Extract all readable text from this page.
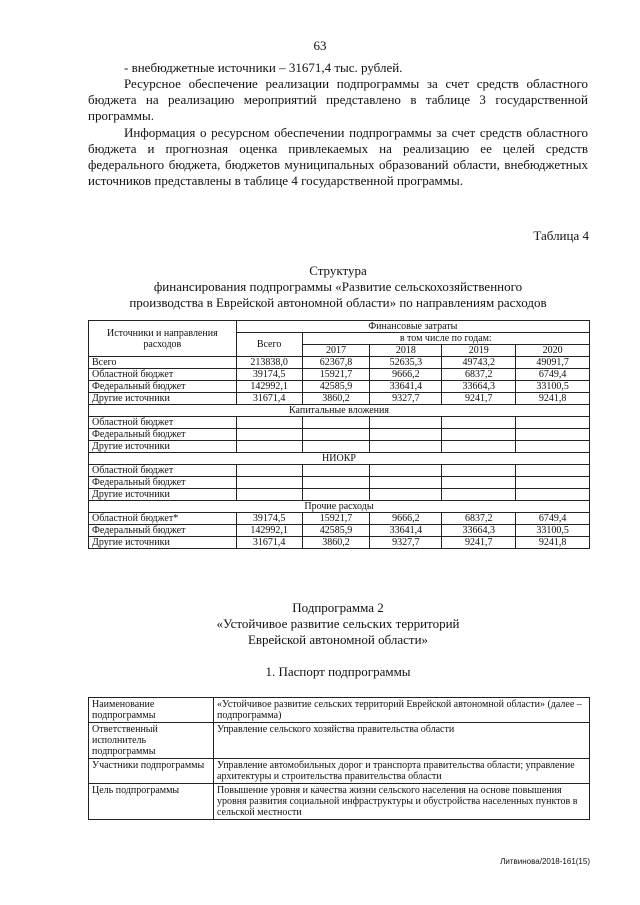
63
- внебюджетные источники – 31671,4 тыс. рублей.
Ресурсное обеспечение реализации подпрограммы за счет средств областного бюджета на реализацию мероприятий представлено в таблице 3 государственной программы.
Информация о ресурсном обеспечении подпрограммы за счет средств областного бюджета и прогнозная оценка привлекаемых на реализацию ее целей средств федерального бюджета, бюджетов муниципальных образований области, внебюджетных источников представлены в таблице 4 государственной программы.
Таблица 4
Структура
финансирования подпрограммы «Развитие сельскохозяйственного
производства в Еврейской автономной области» по направлениям расходов
Источники и направления расходов	Финансовые затраты				
	Всего	в том числе по годам:			
		2017	2018	2019	2020
Всего	213838,0	62367,8	52635,3	49743,2	49091,7
Областной бюджет	39174,5	15921,7	9666,2	6837,2	6749,4
Федеральный бюджет	142992,1	42585,9	33641,4	33664,3	33100,5
Другие источники	31671,4	3860,2	9327,7	9241,7	9241,8
Капитальные вложения					
Областной бюджет					
Федеральный бюджет					
Другие источники					
НИОКР					
Областной бюджет					
Федеральный бюджет					
Другие источники					
Прочие расходы					
Областной бюджет*	39174,5	15921,7	9666,2	6837,2	6749,4
Федеральный бюджет	142992,1	42585,9	33641,4	33664,3	33100,5
Другие источники	31671,4	3860,2	9327,7	9241,7	9241,8
Подпрограмма 2
«Устойчивое развитие сельских территорий
Еврейской автономной области»
1. Паспорт подпрограммы
Наименование подпрограммы	«Устойчивое развитие сельских территорий Еврейской автономной области» (далее – подпрограмма)
Ответственный исполнитель подпрограммы	Управление сельского хозяйства правительства области
Участники подпрограммы	Управление автомобильных дорог и транспорта правительства области; управление архитектуры и строительства правительства области
Цель подпрограммы	Повышение уровня и качества жизни сельского населения на основе повышения уровня развития социальной инфраструктуры и обустройства населенных пунктов в сельской местности
Литвинова/2018-161(15)
